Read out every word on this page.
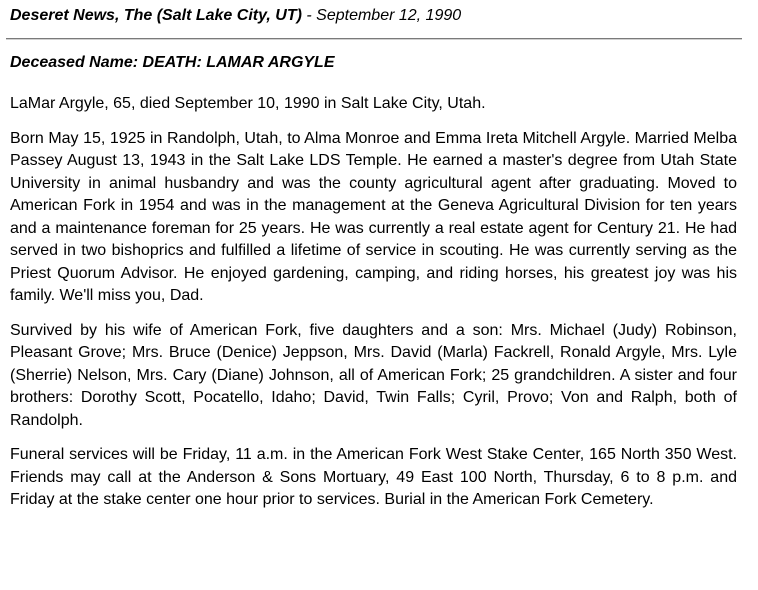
Deseret News, The (Salt Lake City, UT) - September 12, 1990
Deceased Name: DEATH: LAMAR ARGYLE

LaMar Argyle, 65, died September 10, 1990 in Salt Lake City, Utah.

Born May 15, 1925 in Randolph, Utah, to Alma Monroe and Emma Ireta Mitchell Argyle. Married Melba Passey August 13, 1943 in the Salt Lake LDS Temple. He earned a master's degree from Utah State University in animal husbandry and was the county agricultural agent after graduating. Moved to American Fork in 1954 and was in the management at the Geneva Agricultural Division for ten years and a maintenance foreman for 25 years. He was currently a real estate agent for Century 21. He had served in two bishoprics and fulfilled a lifetime of service in scouting. He was currently serving as the Priest Quorum Advisor. He enjoyed gardening, camping, and riding horses, his greatest joy was his family. We'll miss you, Dad.

Survived by his wife of American Fork, five daughters and a son: Mrs. Michael (Judy) Robinson, Pleasant Grove; Mrs. Bruce (Denice) Jeppson, Mrs. David (Marla) Fackrell, Ronald Argyle, Mrs. Lyle (Sherrie) Nelson, Mrs. Cary (Diane) Johnson, all of American Fork; 25 grandchildren. A sister and four brothers: Dorothy Scott, Pocatello, Idaho; David, Twin Falls; Cyril, Provo; Von and Ralph, both of Randolph.

Funeral services will be Friday, 11 a.m. in the American Fork West Stake Center, 165 North 350 West. Friends may call at the Anderson & Sons Mortuary, 49 East 100 North, Thursday, 6 to 8 p.m. and Friday at the stake center one hour prior to services. Burial in the American Fork Cemetery.
